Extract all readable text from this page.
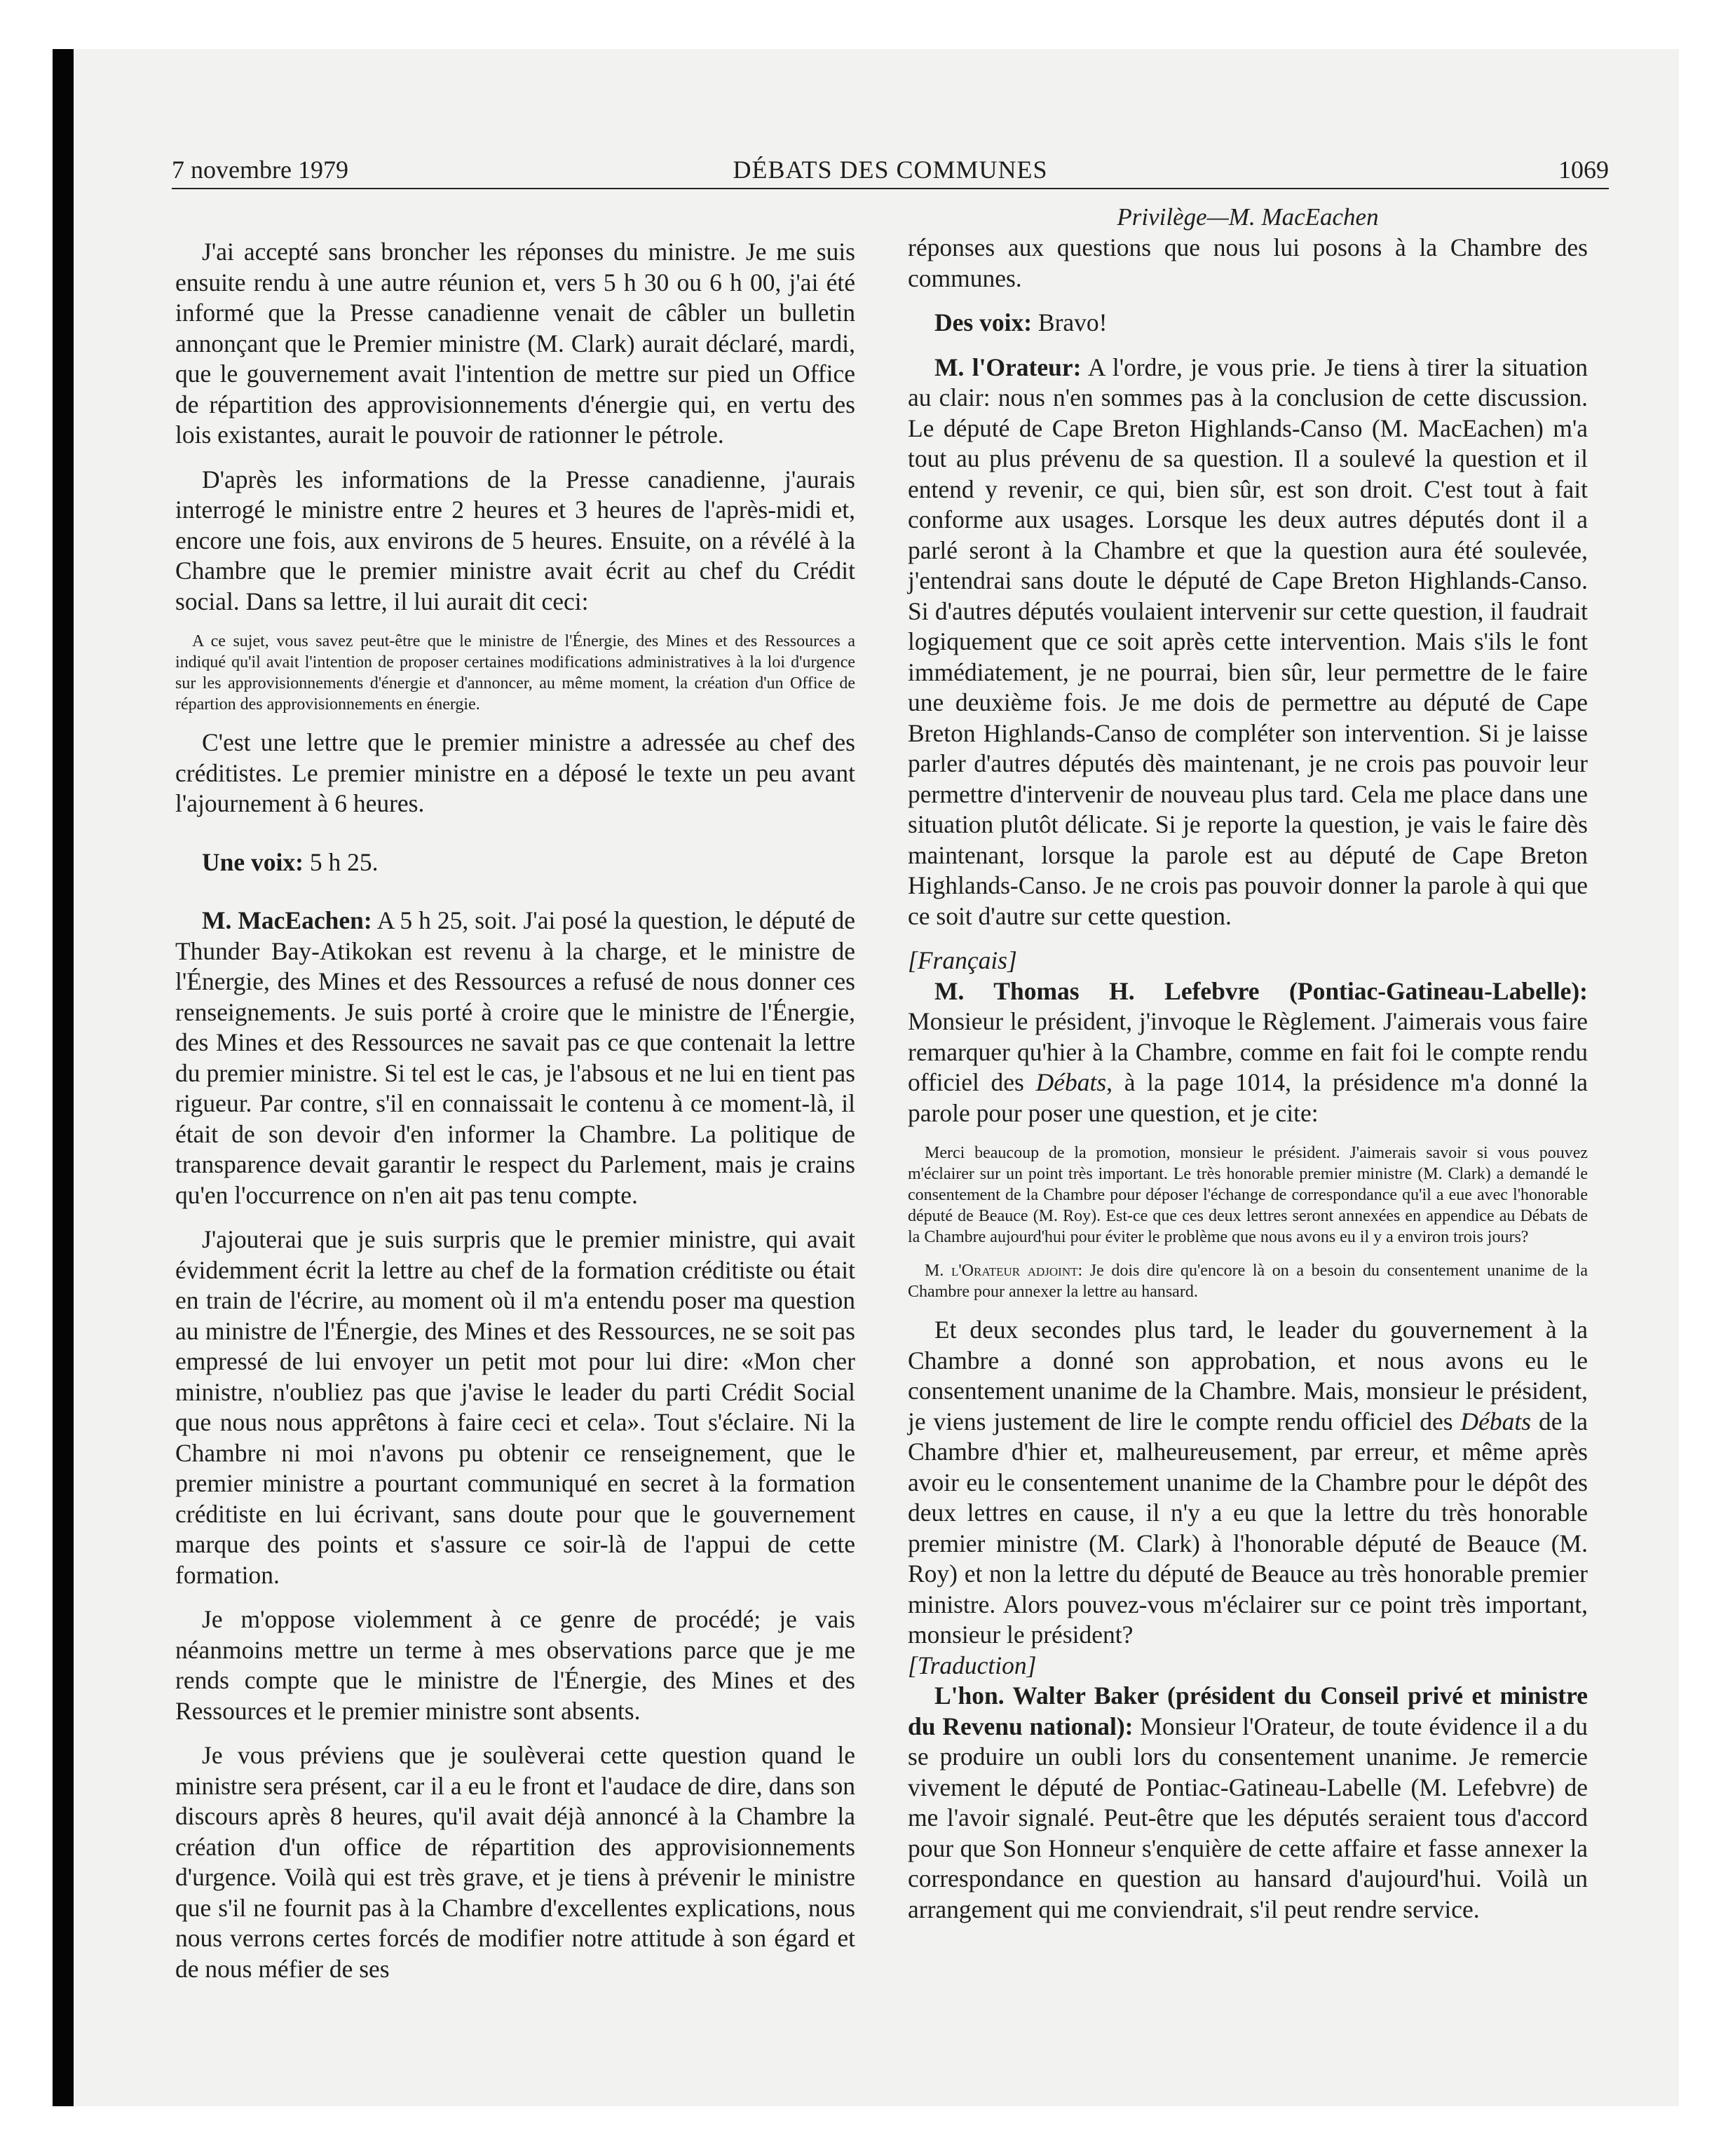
7 novembre 1979	DÉBATS DES COMMUNES	1069

J'ai accepté sans broncher les réponses du ministre. Je me suis ensuite rendu à une autre réunion et, vers 5 h 30 ou 6 h 00, j'ai été informé que la Presse canadienne venait de câbler un bulletin annonçant que le Premier ministre (M. Clark) aurait déclaré, mardi, que le gouvernement avait l'intention de mettre sur pied un Office de répartition des approvisionnements d'énergie qui, en vertu des lois existantes, aurait le pouvoir de rationner le pétrole.

D'après les informations de la Presse canadienne, j'aurais interrogé le ministre entre 2 heures et 3 heures de l'après-midi et, encore une fois, aux environs de 5 heures. Ensuite, on a révélé à la Chambre que le premier ministre avait écrit au chef du Crédit social. Dans sa lettre, il lui aurait dit ceci:

A ce sujet, vous savez peut-être que le ministre de l'Énergie, des Mines et des Ressources a indiqué qu'il avait l'intention de proposer certaines modifications administratives à la loi d'urgence sur les approvisionnements d'énergie et d'annoncer, au même moment, la création d'un Office de répartion des approvisionnements en énergie.

C'est une lettre que le premier ministre a adressée au chef des créditistes. Le premier ministre en a déposé le texte un peu avant l'ajournement à 6 heures.

Une voix: 5 h 25.

M. MacEachen: A 5 h 25, soit. J'ai posé la question, le député de Thunder Bay-Atikokan est revenu à la charge, et le ministre de l'Énergie, des Mines et des Ressources a refusé de nous donner ces renseignements. Je suis porté à croire que le ministre de l'Énergie, des Mines et des Ressources ne savait pas ce que contenait la lettre du premier ministre. Si tel est le cas, je l'absous et ne lui en tient pas rigueur. Par contre, s'il en connaissait le contenu à ce moment-là, il était de son devoir d'en informer la Chambre. La politique de transparence devait garantir le respect du Parlement, mais je crains qu'en l'occurrence on n'en ait pas tenu compte.

J'ajouterai que je suis surpris que le premier ministre, qui avait évidemment écrit la lettre au chef de la formation créditiste ou était en train de l'écrire, au moment où il m'a entendu poser ma question au ministre de l'Énergie, des Mines et des Ressources, ne se soit pas empressé de lui envoyer un petit mot pour lui dire: «Mon cher ministre, n'oubliez pas que j'avise le leader du parti Crédit Social que nous nous apprêtons à faire ceci et cela». Tout s'éclaire. Ni la Chambre ni moi n'avons pu obtenir ce renseignement, que le premier ministre a pourtant communiqué en secret à la formation créditiste en lui écrivant, sans doute pour que le gouvernement marque des points et s'assure ce soir-là de l'appui de cette formation.

Je m'oppose violemment à ce genre de procédé; je vais néanmoins mettre un terme à mes observations parce que je me rends compte que le ministre de l'Énergie, des Mines et des Ressources et le premier ministre sont absents.

Je vous préviens que je soulèverai cette question quand le ministre sera présent, car il a eu le front et l'audace de dire, dans son discours après 8 heures, qu'il avait déjà annoncé à la Chambre la création d'un office de répartition des approvisionnements d'urgence. Voilà qui est très grave, et je tiens à prévenir le ministre que s'il ne fournit pas à la Chambre d'excellentes explications, nous nous verrons certes forcés de modifier notre attitude à son égard et de nous méfier de ses

Privilège—M. MacEachen

réponses aux questions que nous lui posons à la Chambre des communes.

Des voix: Bravo!

M. l'Orateur: A l'ordre, je vous prie. Je tiens à tirer la situation au clair: nous n'en sommes pas à la conclusion de cette discussion. Le député de Cape Breton Highlands-Canso (M. MacEachen) m'a tout au plus prévenu de sa question. Il a soulevé la question et il entend y revenir, ce qui, bien sûr, est son droit. C'est tout à fait conforme aux usages. Lorsque les deux autres députés dont il a parlé seront à la Chambre et que la question aura été soulevée, j'entendrai sans doute le député de Cape Breton Highlands-Canso. Si d'autres députés voulaient intervenir sur cette question, il faudrait logiquement que ce soit après cette intervention. Mais s'ils le font immédiatement, je ne pourrai, bien sûr, leur permettre de le faire une deuxième fois. Je me dois de permettre au député de Cape Breton Highlands-Canso de compléter son intervention. Si je laisse parler d'autres députés dès maintenant, je ne crois pas pouvoir leur permettre d'intervenir de nouveau plus tard. Cela me place dans une situation plutôt délicate. Si je reporte la question, je vais le faire dès maintenant, lorsque la parole est au député de Cape Breton Highlands-Canso. Je ne crois pas pouvoir donner la parole à qui que ce soit d'autre sur cette question.

[Français]

M. Thomas H. Lefebvre (Pontiac-Gatineau-Labelle): Monsieur le président, j'invoque le Règlement. J'aimerais vous faire remarquer qu'hier à la Chambre, comme en fait foi le compte rendu officiel des Débats, à la page 1014, la présidence m'a donné la parole pour poser une question, et je cite:

Merci beaucoup de la promotion, monsieur le président. J'aimerais savoir si vous pouvez m'éclairer sur un point très important. Le très honorable premier ministre (M. Clark) a demandé le consentement de la Chambre pour déposer l'échange de correspondance qu'il a eue avec l'honorable député de Beauce (M. Roy). Est-ce que ces deux lettres seront annexées en appendice au Débats de la Chambre aujourd'hui pour éviter le problème que nous avons eu il y a environ trois jours?

M. l'Orateur adjoint: Je dois dire qu'encore là on a besoin du consentement unanime de la Chambre pour annexer la lettre au hansard.

Et deux secondes plus tard, le leader du gouvernement à la Chambre a donné son approbation, et nous avons eu le consentement unanime de la Chambre. Mais, monsieur le président, je viens justement de lire le compte rendu officiel des Débats de la Chambre d'hier et, malheureusement, par erreur, et même après avoir eu le consentement unanime de la Chambre pour le dépôt des deux lettres en cause, il n'y a eu que la lettre du très honorable premier ministre (M. Clark) à l'honorable député de Beauce (M. Roy) et non la lettre du député de Beauce au très honorable premier ministre. Alors pouvez-vous m'éclairer sur ce point très important, monsieur le président?

[Traduction]

L'hon. Walter Baker (président du Conseil privé et ministre du Revenu national): Monsieur l'Orateur, de toute évidence il a du se produire un oubli lors du consentement unanime. Je remercie vivement le député de Pontiac-Gatineau-Labelle (M. Lefebvre) de me l'avoir signalé. Peut-être que les députés seraient tous d'accord pour que Son Honneur s'enquière de cette affaire et fasse annexer la correspondance en question au hansard d'aujourd'hui. Voilà un arrangement qui me conviendrait, s'il peut rendre service.
